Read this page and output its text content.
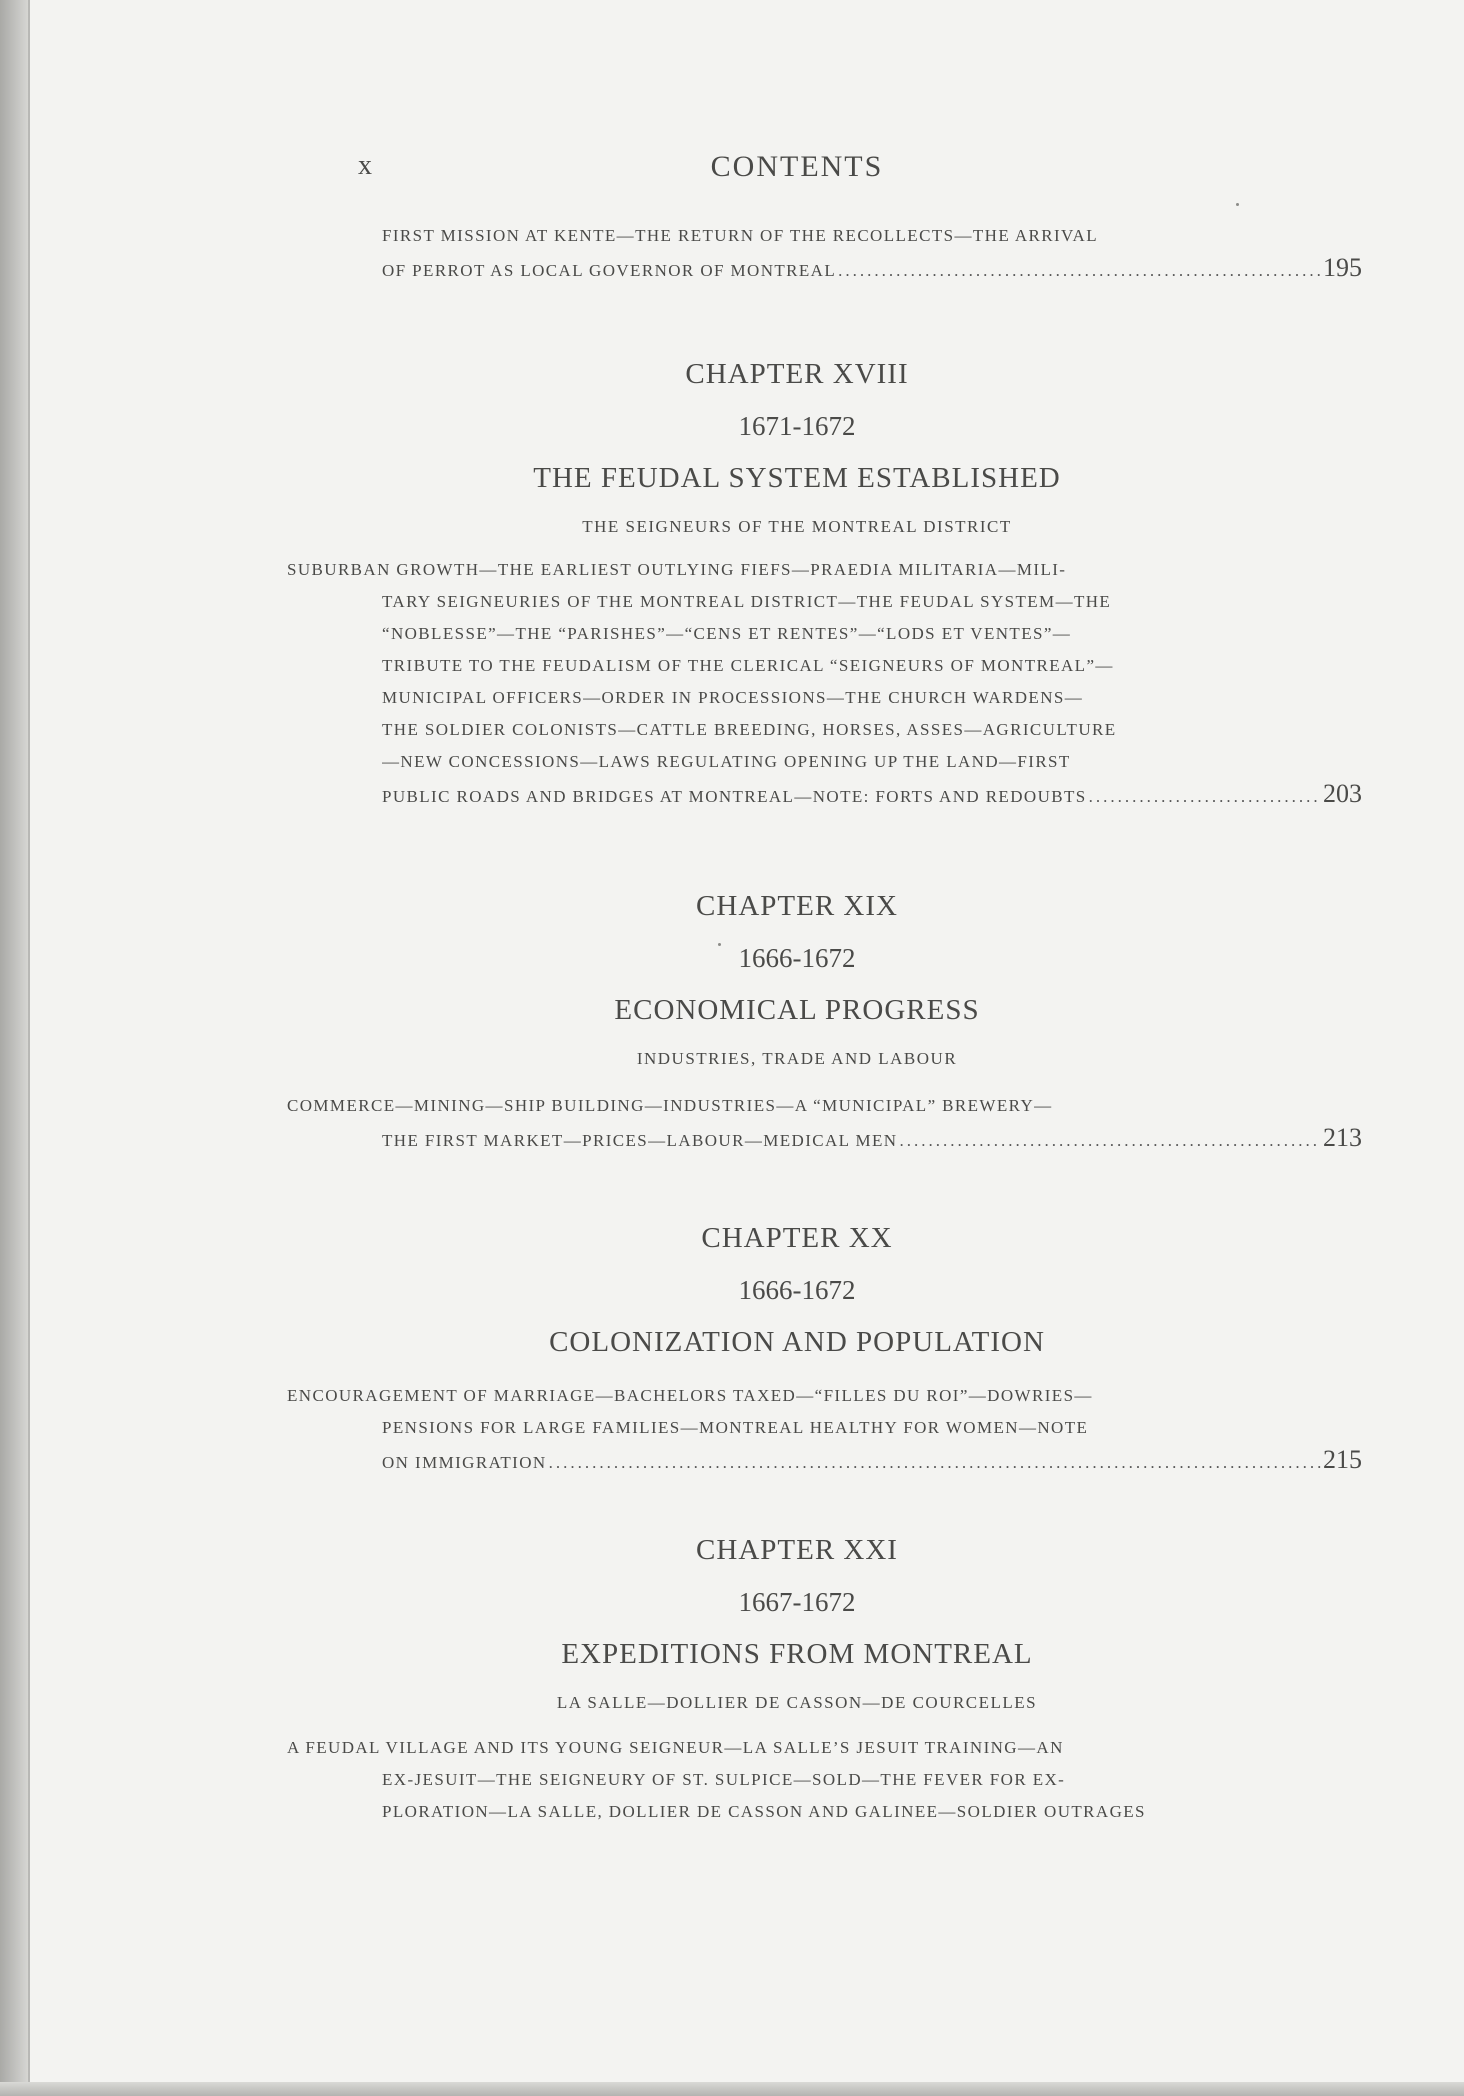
x	CONTENTS
FIRST MISSION AT KENTE—THE RETURN OF THE RECOLLECTS—THE ARRIVAL
OF PERROT AS LOCAL GOVERNOR OF MONTREAL .....	195
CHAPTER XVIII
1671-1672
THE FEUDAL SYSTEM ESTABLISHED
THE SEIGNEURS OF THE MONTREAL DISTRICT
SUBURBAN GROWTH—THE EARLIEST OUTLYING FIEFS—PRAEDIA MILITARIA—MILI-
TARY SEIGNEURIES OF THE MONTREAL DISTRICT—THE FEUDAL SYSTEM—THE
“NOBLESSE”—THE “PARISHES”—“CENS ET RENTES”—“LODS ET VENTES”—
TRIBUTE TO THE FEUDALISM OF THE CLERICAL “SEIGNEURS OF MONTREAL”—
MUNICIPAL OFFICERS—ORDER IN PROCESSIONS—THE CHURCH WARDENS—
THE SOLDIER COLONISTS—CATTLE BREEDING, HORSES, ASSES—AGRICULTURE
—NEW CONCESSIONS—LAWS REGULATING OPENING UP THE LAND—FIRST
PUBLIC ROADS AND BRIDGES AT MONTREAL—NOTE: FORTS AND REDOUBTS .....	203
CHAPTER XIX
1666-1672
ECONOMICAL PROGRESS
INDUSTRIES, TRADE AND LABOUR
COMMERCE—MINING—SHIP BUILDING—INDUSTRIES—A “MUNICIPAL” BREWERY—
THE FIRST MARKET—PRICES—LABOUR—MEDICAL MEN .....	213
CHAPTER XX
1666-1672
COLONIZATION AND POPULATION
ENCOURAGEMENT OF MARRIAGE—BACHELORS TAXED—“FILLES DU ROI”—DOWRIES—
PENSIONS FOR LARGE FAMILIES—MONTREAL HEALTHY FOR WOMEN—NOTE
ON IMMIGRATION .....	215
CHAPTER XXI
1667-1672
EXPEDITIONS FROM MONTREAL
LA SALLE—DOLLIER DE CASSON—DE COURCELLES
A FEUDAL VILLAGE AND ITS YOUNG SEIGNEUR—LA SALLE’S JESUIT TRAINING—AN
EX-JESUIT—THE SEIGNEURY OF ST. SULPICE—SOLD—THE FEVER FOR EX-
PLORATION—LA SALLE, DOLLIER DE CASSON AND GALINEE—SOLDIER OUTRAGES
